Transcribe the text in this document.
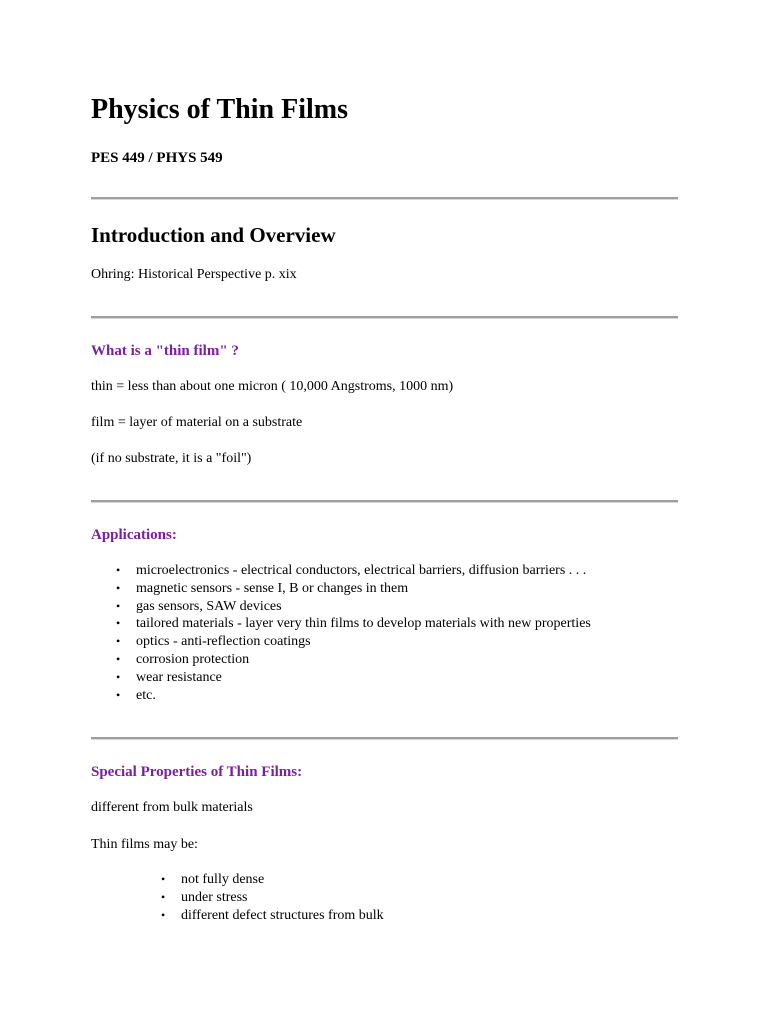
Physics of Thin Films
PES 449 / PHYS 549
Introduction and Overview

Ohring: Historical Perspective p. xix

What is a "thin film" ?

thin = less than about one micron ( 10,000 Angstroms, 1000 nm)

film = layer of material on a substrate

(if no substrate, it is a "foil")

Applications:
• microelectronics - electrical conductors, electrical barriers, diffusion barriers . . .
• magnetic sensors - sense I, B or changes in them
• gas sensors, SAW devices
• tailored materials - layer very thin films to develop materials with new properties
• optics - anti-reflection coatings
• corrosion protection
• wear resistance
• etc.
Special Properties of Thin Films:

different from bulk materials

Thin films may be:

• not fully dense
• under stress
• different defect structures from bulk
